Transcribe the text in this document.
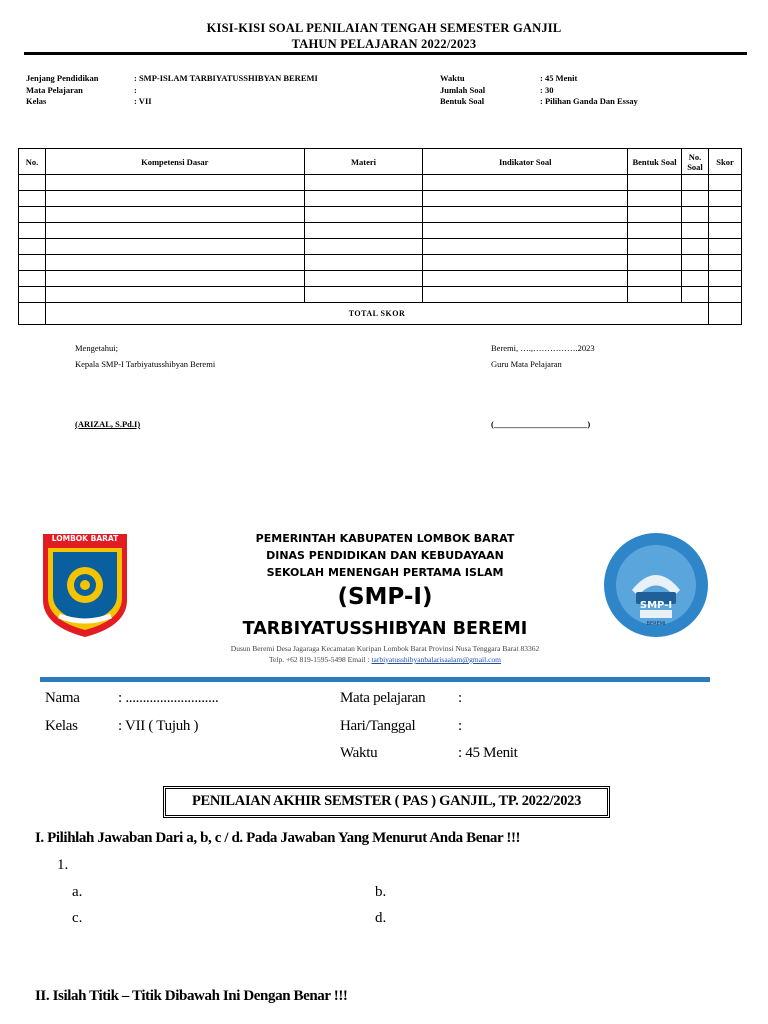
KISI-KISI SOAL PENILAIAN TENGAH SEMESTER GANJIL
TAHUN PELAJARAN 2022/2023
Jenjang Pendidikan	: SMP-ISLAM TARBIYATUSSHIBYAN BEREMI
Mata Pelajaran	:
Kelas	: VII
Waktu	: 45 Menit
Jumlah Soal	: 30
Bentuk Soal	: Pilihan Ganda Dan Essay
No.	Kompetensi Dasar	Materi	Indikator Soal	Bentuk Soal	No. Soal	Skor

	TOTAL SKOR					
Mengetahui;
Kepala SMP-I Tarbiyatusshibyan Beremi
(ARIZAL, S.Pd.I)
Beremi, ….,…………….2023
Guru Mata Pelajaran
(______________________)
LOMBOK BARAT
SMP-I
BEREMI
PEMERINTAH KABUPATEN LOMBOK BARAT
DINAS PENDIDIKAN DAN KEBUDAYAAN
SEKOLAH MENENGAH PERTAMA ISLAM
(SMP-I)
TARBIYATUSSHIBYAN BEREMI
Dusun Beremi Desa Jagaraga Kecamatan Kuripan Lombok Barat Provinsi Nusa Tenggara Barat 83362
Telp. +62 819-1595-5498 Email : tarbiyatusshibyanbalarisaalam@gmail.com
Nama	: ...........................
Kelas	: VII ( Tujuh )
Mata pelajaran :
Hari/Tanggal	:
Waktu	: 45 Menit
PENILAIAN AKHIR SEMSTER ( PAS ) GANJIL, TP. 2022/2023
I. Pilihlah Jawaban Dari a, b, c / d. Pada Jawaban Yang Menurut Anda Benar !!!
1.
a.	b.
c.	d.
II. Isilah Titik – Titik Dibawah Ini Dengan Benar !!!
